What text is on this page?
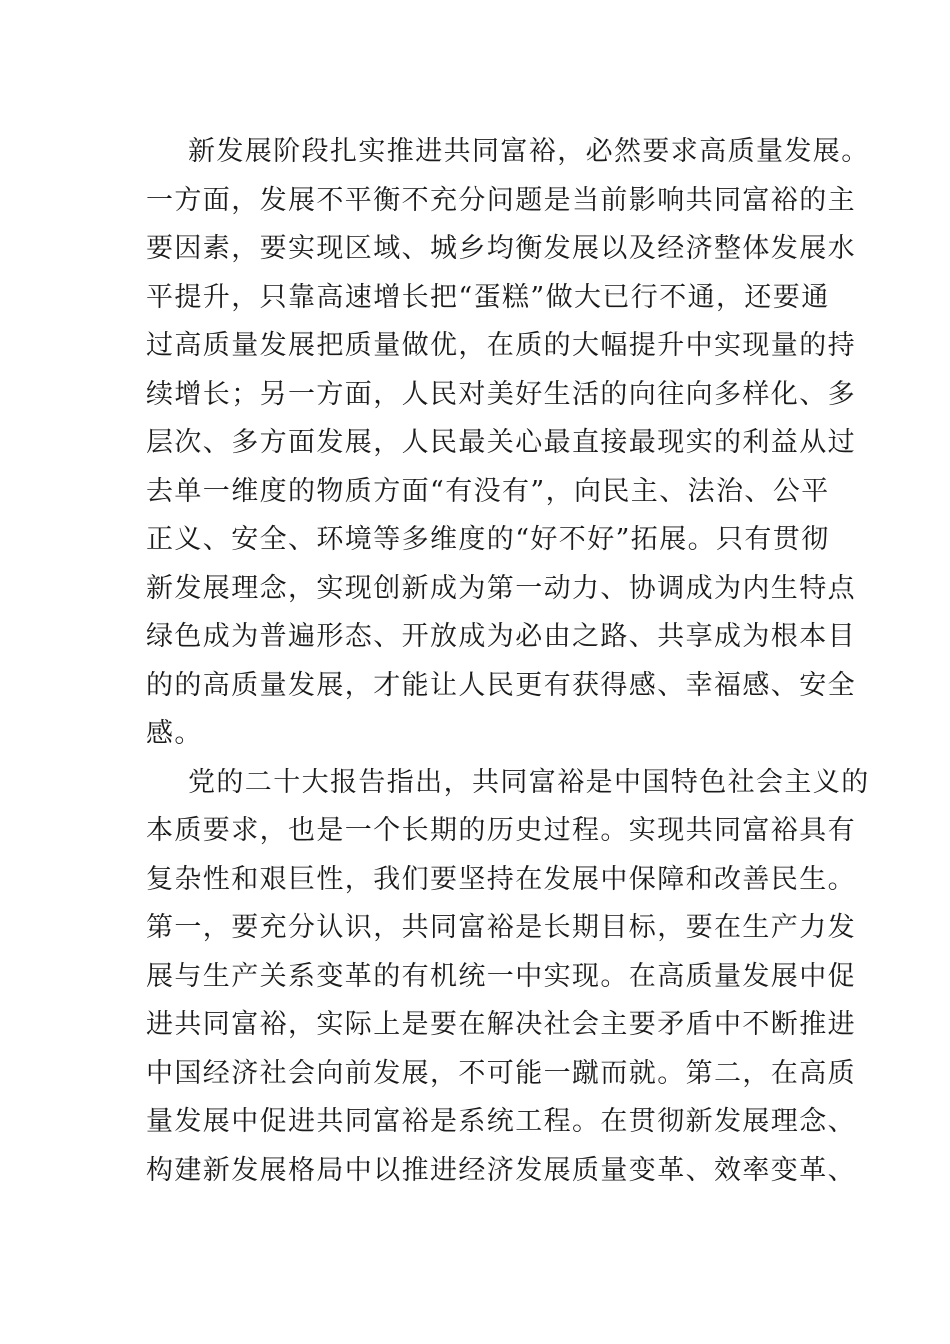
新发展阶段扎实推进共同富裕，必然要求高质量发展。
一方面，发展不平衡不充分问题是当前影响共同富裕的主
要因素，要实现区域、城乡均衡发展以及经济整体发展水
平提升，只靠高速增长把“蛋糕”做大已行不通，还要通
过高质量发展把质量做优，在质的大幅提升中实现量的持
续增长；另一方面，人民对美好生活的向往向多样化、多
层次、多方面发展，人民最关心最直接最现实的利益从过
去单一维度的物质方面“有没有”，向民主、法治、公平
正义、安全、环境等多维度的“好不好”拓展。只有贯彻
新发展理念，实现创新成为第一动力、协调成为内生特点
绿色成为普遍形态、开放成为必由之路、共享成为根本目
的的高质量发展，才能让人民更有获得感、幸福感、安全
感。
党的二十大报告指出，共同富裕是中国特色社会主义的
本质要求，也是一个长期的历史过程。实现共同富裕具有
复杂性和艰巨性，我们要坚持在发展中保障和改善民生。
第一，要充分认识，共同富裕是长期目标，要在生产力发
展与生产关系变革的有机统一中实现。在高质量发展中促
进共同富裕，实际上是要在解决社会主要矛盾中不断推进
中国经济社会向前发展，不可能一蹴而就。第二，在高质
量发展中促进共同富裕是系统工程。在贯彻新发展理念、
构建新发展格局中以推进经济发展质量变革、效率变革、
